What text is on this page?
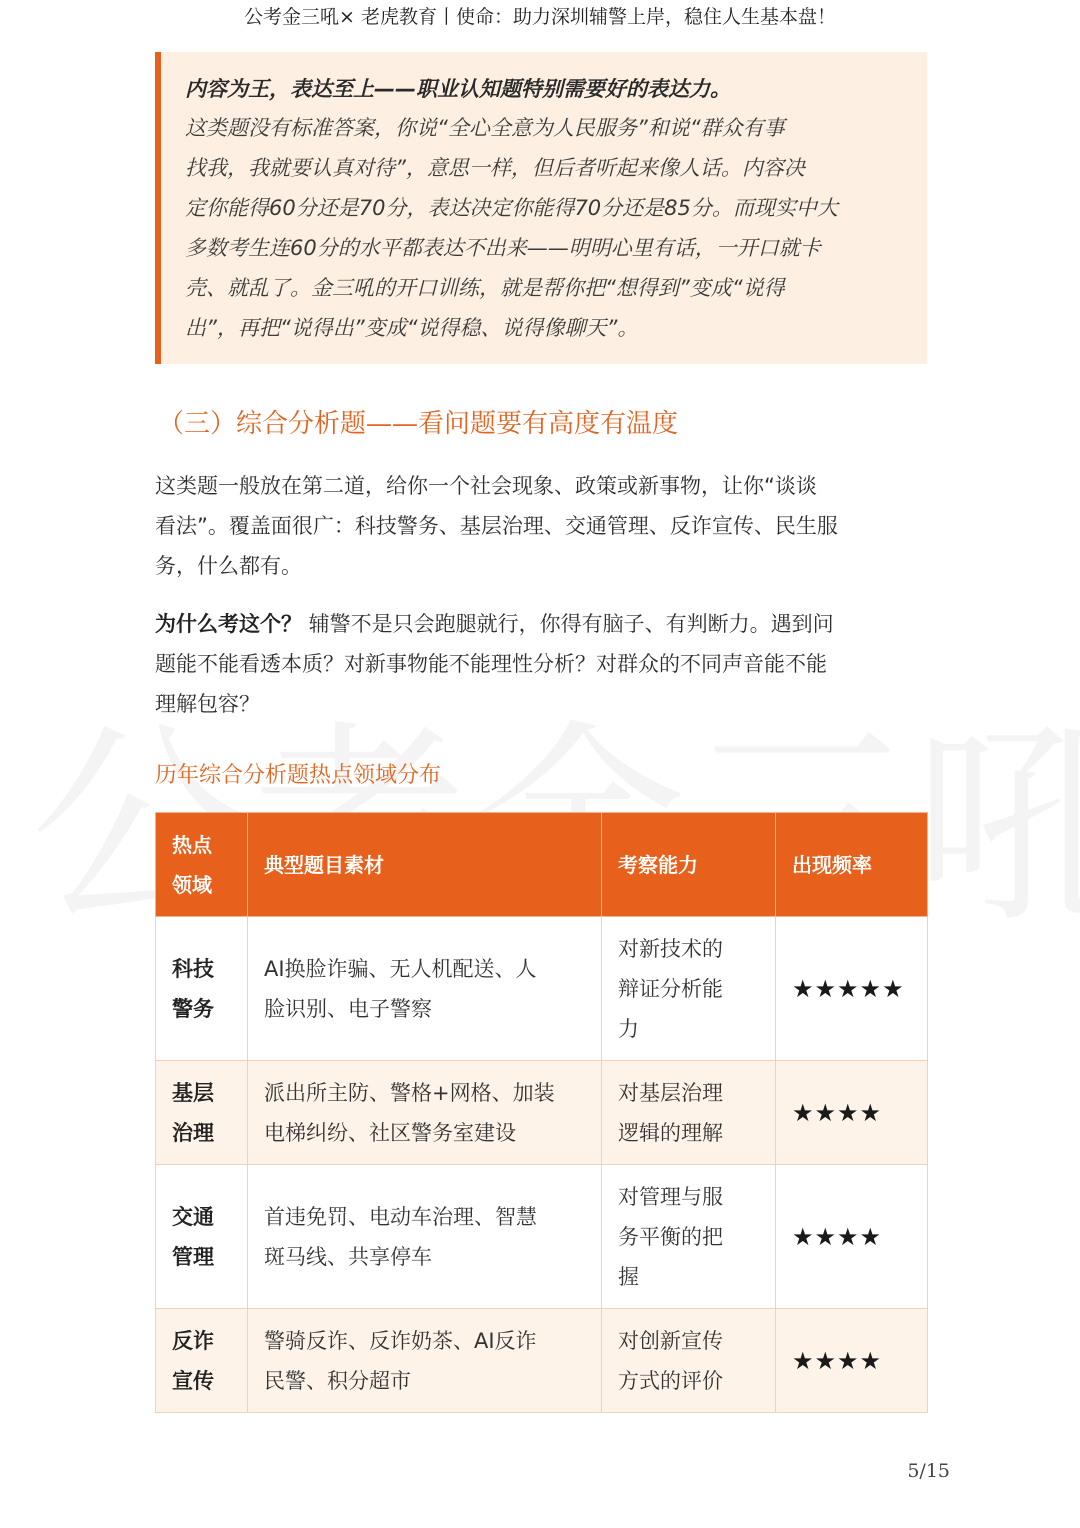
公考金三吼× 老虎教育丨使命：助力深圳辅警上岸，稳住人生基本盘！

内容为王，表达至上——职业认知题特别需要好的表达力。

这类题没有标准答案，你说“全心全意为人民服务”和说“群众有事
找我，我就要认真对待”，意思一样，但后者听起来像人话。内容决
定你能得60分还是70分，表达决定你能得70分还是85分。而现实中大
多数考生连60分的水平都表达不出来——明明心里有话，一开口就卡
壳、就乱了。金三吼的开口训练，就是帮你把“想得到”变成“说得
出”，再把“说得出”变成“说得稳、说得像聊天”。

（三）综合分析题——看问题要有高度有温度

这类题一般放在第二道，给你一个社会现象、政策或新事物，让你“谈谈
看法”。覆盖面很广：科技警务、基层治理、交通管理、反诈宣传、民生服
务，什么都有。

为什么考这个？ 辅警不是只会跑腿就行，你得有脑子、有判断力。遇到问
题能不能看透本质？对新事物能不能理性分析？对群众的不同声音能不能
理解包容？

历年综合分析题热点领域分布
热点
领域	典型题目素材	考察能力	出现频率
科技
警务	AI换脸诈骗、无人机配送、人
脸识别、电子警察	对新技术的
辩证分析能
力	★★★★★
基层
治理	派出所主防、警格+网格、加装
电梯纠纷、社区警务室建设	对基层治理
逻辑的理解	★★★★
交通
管理	首违免罚、电动车治理、智慧
斑马线、共享停车	对管理与服
务平衡的把
握	★★★★
反诈
宣传	警骑反诈、反诈奶茶、AI反诈
民警、积分超市	对创新宣传
方式的评价	★★★★
5/15
